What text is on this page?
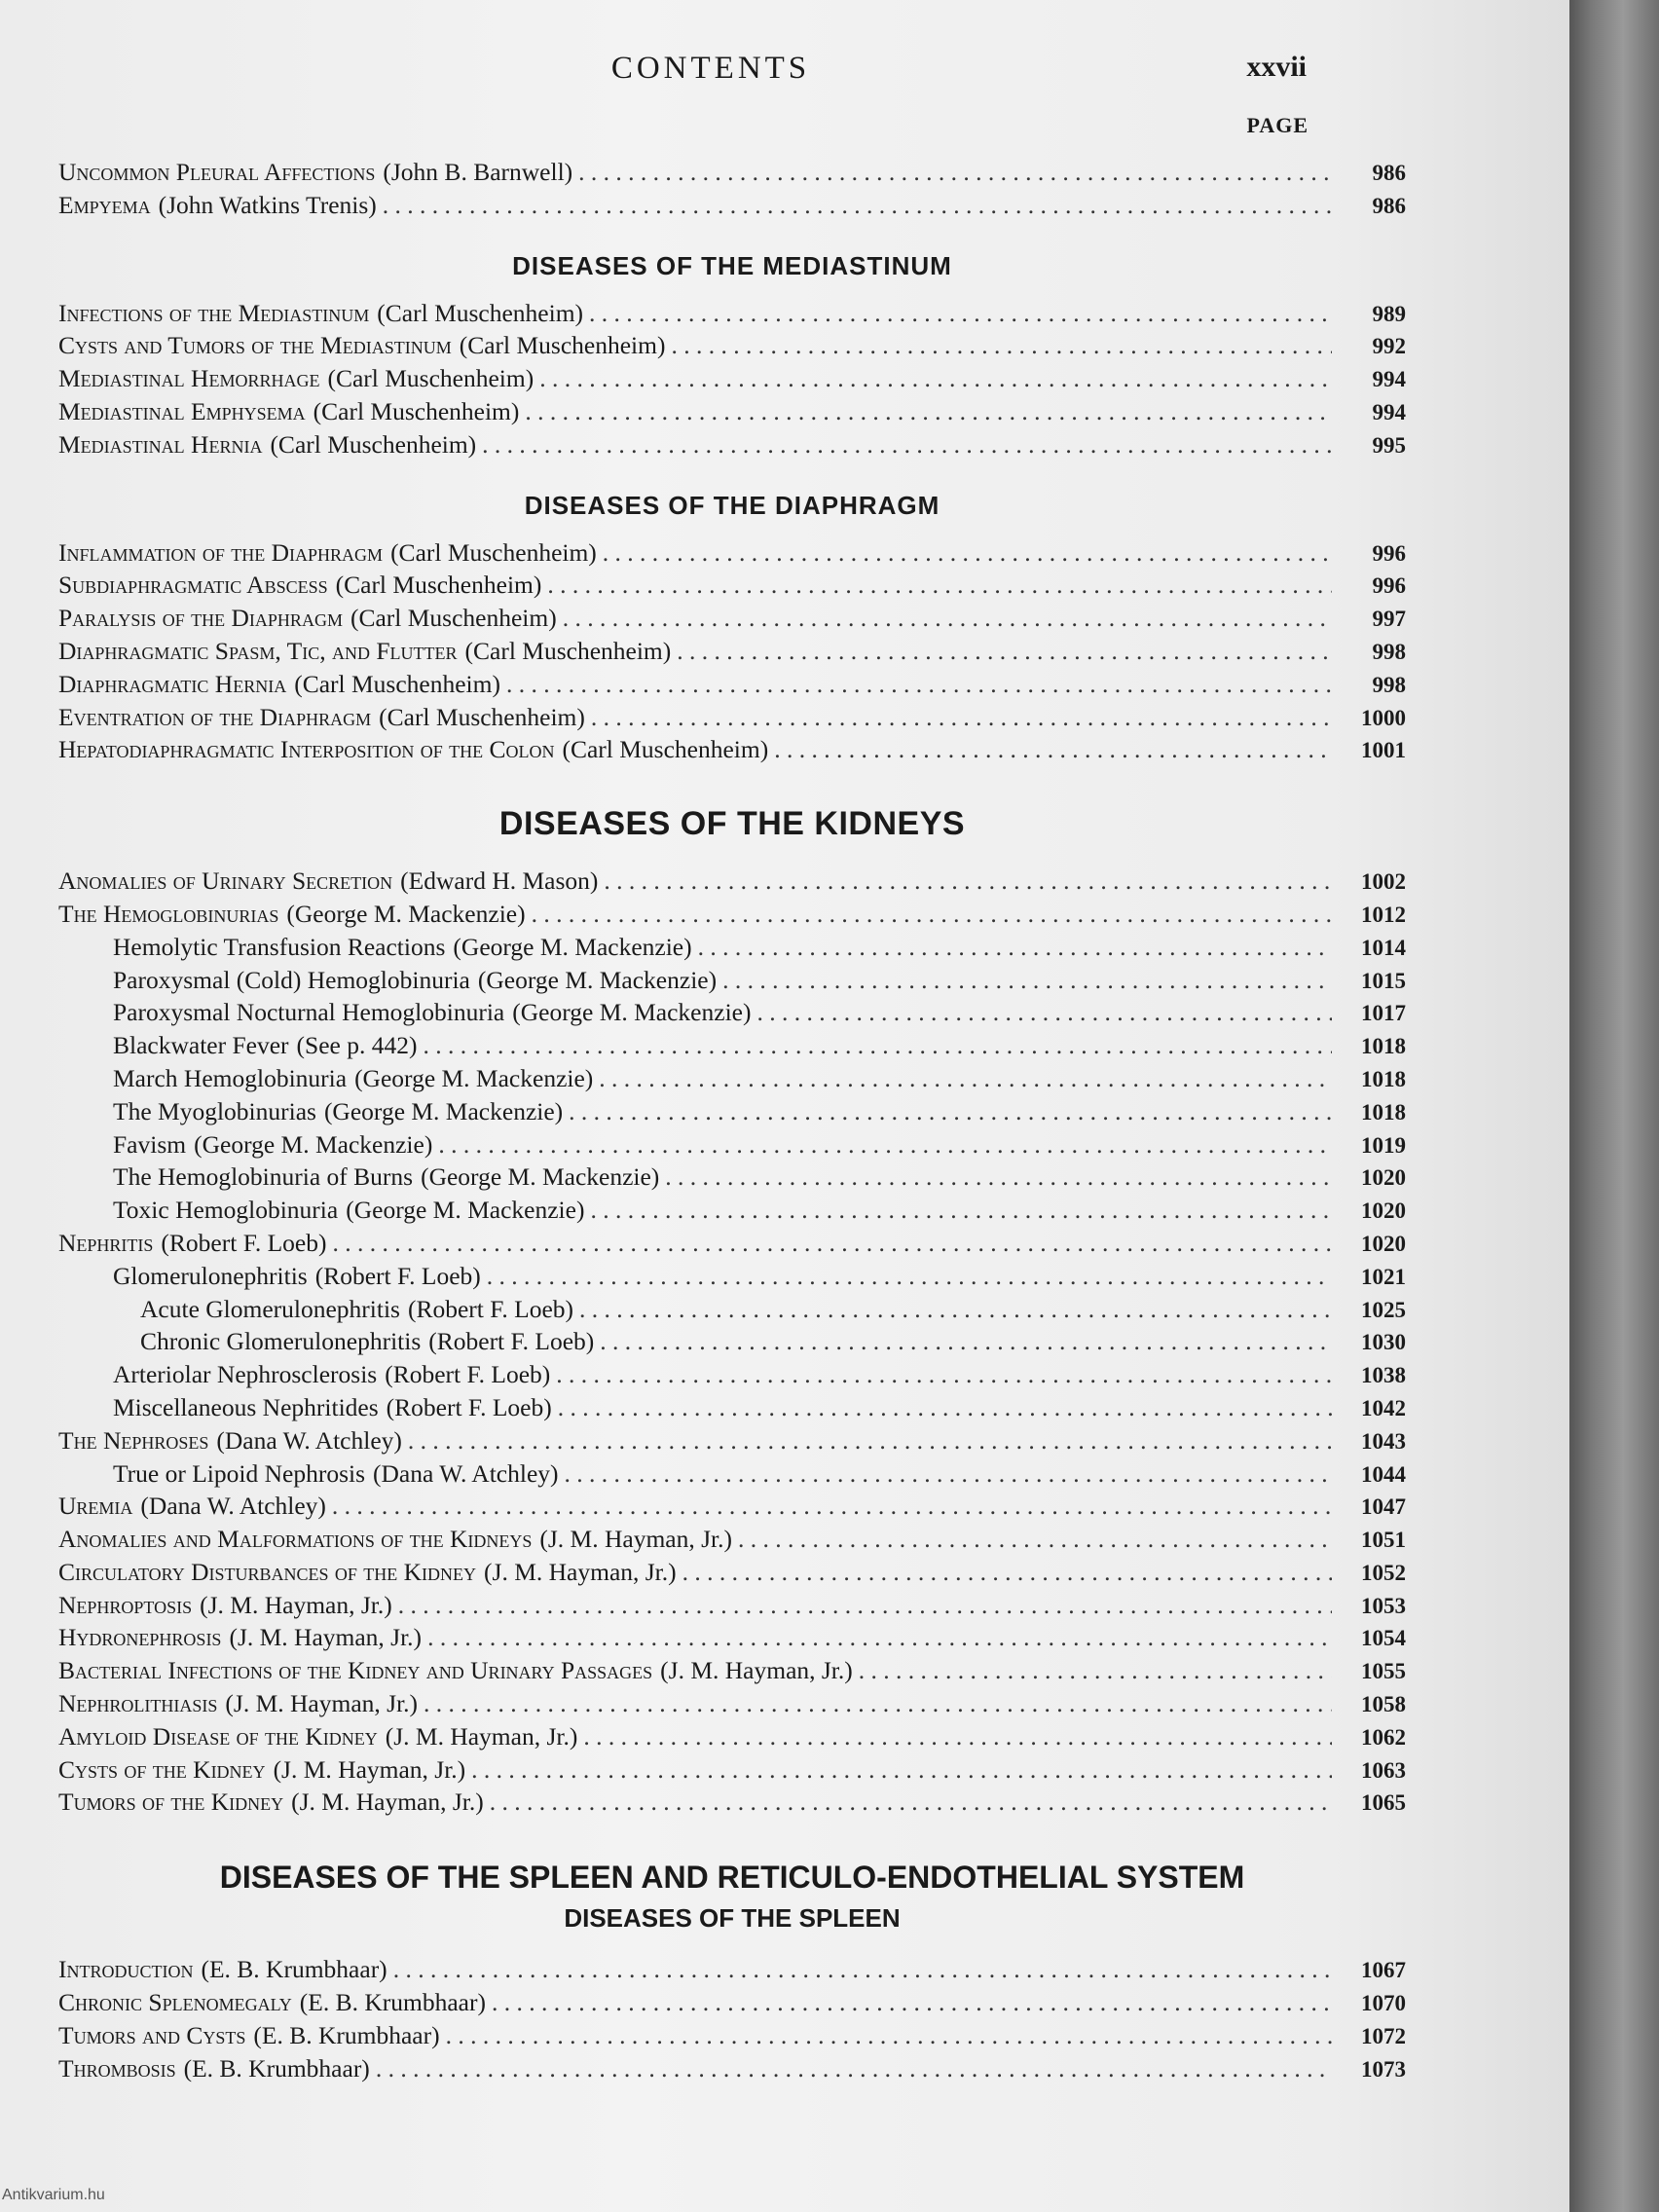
CONTENTS	xxvii
PAGE
Uncommon Pleural Affections (John B. Barnwell) . . .	986
Empyema (John Watkins Trenis) . . .	986
DISEASES OF THE MEDIASTINUM
Infections of the Mediastinum (Carl Muschenheim) . . .	989
Cysts and Tumors of the Mediastinum (Carl Muschenheim) . . .	992
Mediastinal Hemorrhage (Carl Muschenheim) . . .	994
Mediastinal Emphysema (Carl Muschenheim) . . .	994
Mediastinal Hernia (Carl Muschenheim) . . .	995
DISEASES OF THE DIAPHRAGM
Inflammation of the Diaphragm (Carl Muschenheim) . . .	996
Subdiaphragmatic Abscess (Carl Muschenheim) . . .	996
Paralysis of the Diaphragm (Carl Muschenheim) . . .	997
Diaphragmatic Spasm, Tic, and Flutter (Carl Muschenheim) . . .	998
Diaphragmatic Hernia (Carl Muschenheim) . . .	998
Eventration of the Diaphragm (Carl Muschenheim) . . .	1000
Hepatodiaphragmatic Interposition of the Colon (Carl Muschenheim) . . .	1001
DISEASES OF THE KIDNEYS
Anomalies of Urinary Secretion (Edward H. Mason) . . .	1002
The Hemoglobinurias (George M. Mackenzie) . . .	1012
Hemolytic Transfusion Reactions (George M. Mackenzie) . . .	1014
Paroxysmal (Cold) Hemoglobinuria (George M. Mackenzie) . . .	1015
Paroxysmal Nocturnal Hemoglobinuria (George M. Mackenzie) . . .	1017
Blackwater Fever (See p. 442) . . .	1018
March Hemoglobinuria (George M. Mackenzie) . . .	1018
The Myoglobinurias (George M. Mackenzie) . . .	1018
Favism (George M. Mackenzie) . . .	1019
The Hemoglobinuria of Burns (George M. Mackenzie) . . .	1020
Toxic Hemoglobinuria (George M. Mackenzie) . . .	1020
Nephritis (Robert F. Loeb) . . .	1020
Glomerulonephritis (Robert F. Loeb) . . .	1021
Acute Glomerulonephritis (Robert F. Loeb) . . .	1025
Chronic Glomerulonephritis (Robert F. Loeb) . . .	1030
Arteriolar Nephrosclerosis (Robert F. Loeb) . . .	1038
Miscellaneous Nephritides (Robert F. Loeb) . . .	1042
The Nephroses (Dana W. Atchley) . . .	1043
True or Lipoid Nephrosis (Dana W. Atchley) . . .	1044
Uremia (Dana W. Atchley) . . .	1047
Anomalies and Malformations of the Kidneys (J. M. Hayman, Jr.) . . .	1051
Circulatory Disturbances of the Kidney (J. M. Hayman, Jr.) . . .	1052
Nephroptosis (J. M. Hayman, Jr.) . . .	1053
Hydronephrosis (J. M. Hayman, Jr.) . . .	1054
Bacterial Infections of the Kidney and Urinary Passages (J. M. Hayman, Jr.) . . .	1055
Nephrolithiasis (J. M. Hayman, Jr.) . . .	1058
Amyloid Disease of the Kidney (J. M. Hayman, Jr.) . . .	1062
Cysts of the Kidney (J. M. Hayman, Jr.) . . .	1063
Tumors of the Kidney (J. M. Hayman, Jr.) . . .	1065
DISEASES OF THE SPLEEN AND RETICULO-ENDOTHELIAL SYSTEM
DISEASES OF THE SPLEEN
Introduction (E. B. Krumbhaar) . . .	1067
Chronic Splenomegaly (E. B. Krumbhaar) . . .	1070
Tumors and Cysts (E. B. Krumbhaar) . . .	1072
Thrombosis (E. B. Krumbhaar) . . .	1073
Antikvarium.hu
